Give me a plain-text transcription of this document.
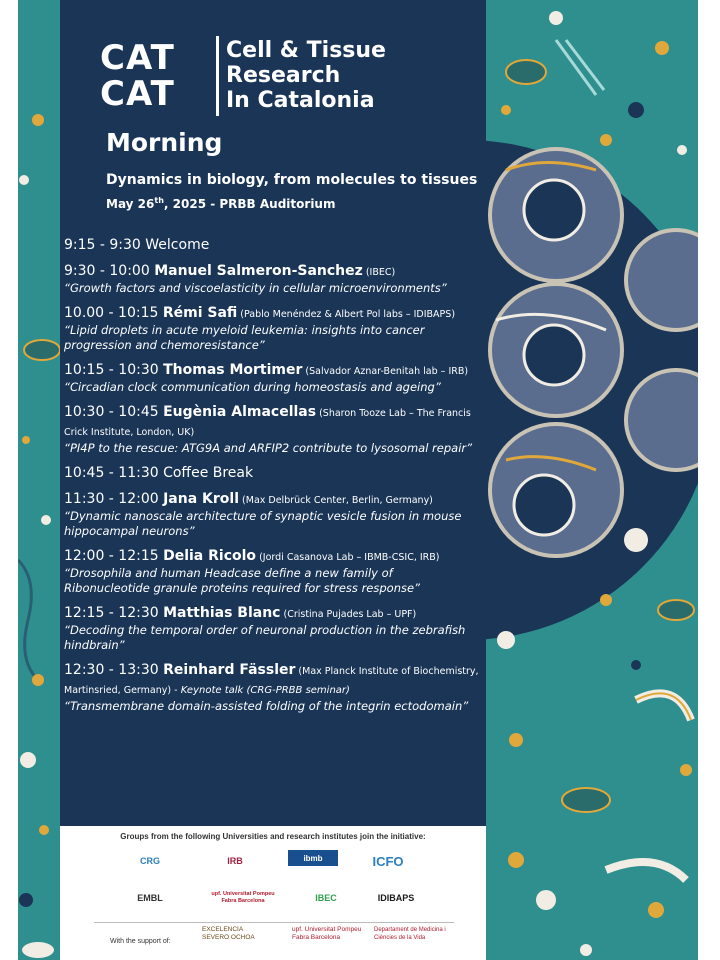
CAT
CAT
Cell & Tissue
Research
In Catalonia
Morning
Dynamics in biology, from molecules to tissues
May 26th, 2025 - PRBB Auditorium
9:15 - 9:30 Welcome
9:30 - 10:00 Manuel Salmeron-Sanchez (IBEC)
“Growth factors and viscoelasticity in cellular microenvironments”
10.00 - 10:15 Rémi Safi (Pablo Menéndez & Albert Pol labs – IDIBAPS)
“Lipid droplets in acute myeloid leukemia: insights into cancer progression and chemoresistance”
10:15 - 10:30 Thomas Mortimer (Salvador Aznar-Benitah lab – IRB)
“Circadian clock communication during homeostasis and ageing”
10:30 - 10:45 Eugènia Almacellas (Sharon Tooze Lab – The Francis Crick Institute, London, UK)
“PI4P to the rescue: ATG9A and ARFIP2 contribute to lysosomal repair”
10:45 - 11:30 Coffee Break
11:30 - 12:00 Jana Kroll (Max Delbrück Center, Berlin, Germany)
“Dynamic nanoscale architecture of synaptic vesicle fusion in mouse hippocampal neurons”
12:00 - 12:15 Delia Ricolo (Jordi Casanova Lab – IBMB-CSIC, IRB)
“Drosophila and human Headcase define a new family of Ribonucleotide granule proteins required for stress response”
12:15 - 12:30 Matthias Blanc (Cristina Pujades Lab – UPF)
“Decoding the temporal order of neuronal production in the zebrafish hindbrain”
12:30 - 13:30 Reinhard Fässler (Max Planck Institute of Biochemistry, Martinsried, Germany) - Keynote talk (CRG-PRBB seminar)
“Transmembrane domain-assisted folding of the integrin ectodomain”
Groups from the following Universities and research institutes join the initiative:
CRG	IRB	ibmb	ICFO
EMBL	upf. Universitat Pompeu Fabra Barcelona	IBEC	IDIBAPS
With the support of:
EXCELENCIA SEVERO OCHOA
upf. Universitat Pompeu Fabra Barcelona
Departament de Medicina i Ciències de la Vida
